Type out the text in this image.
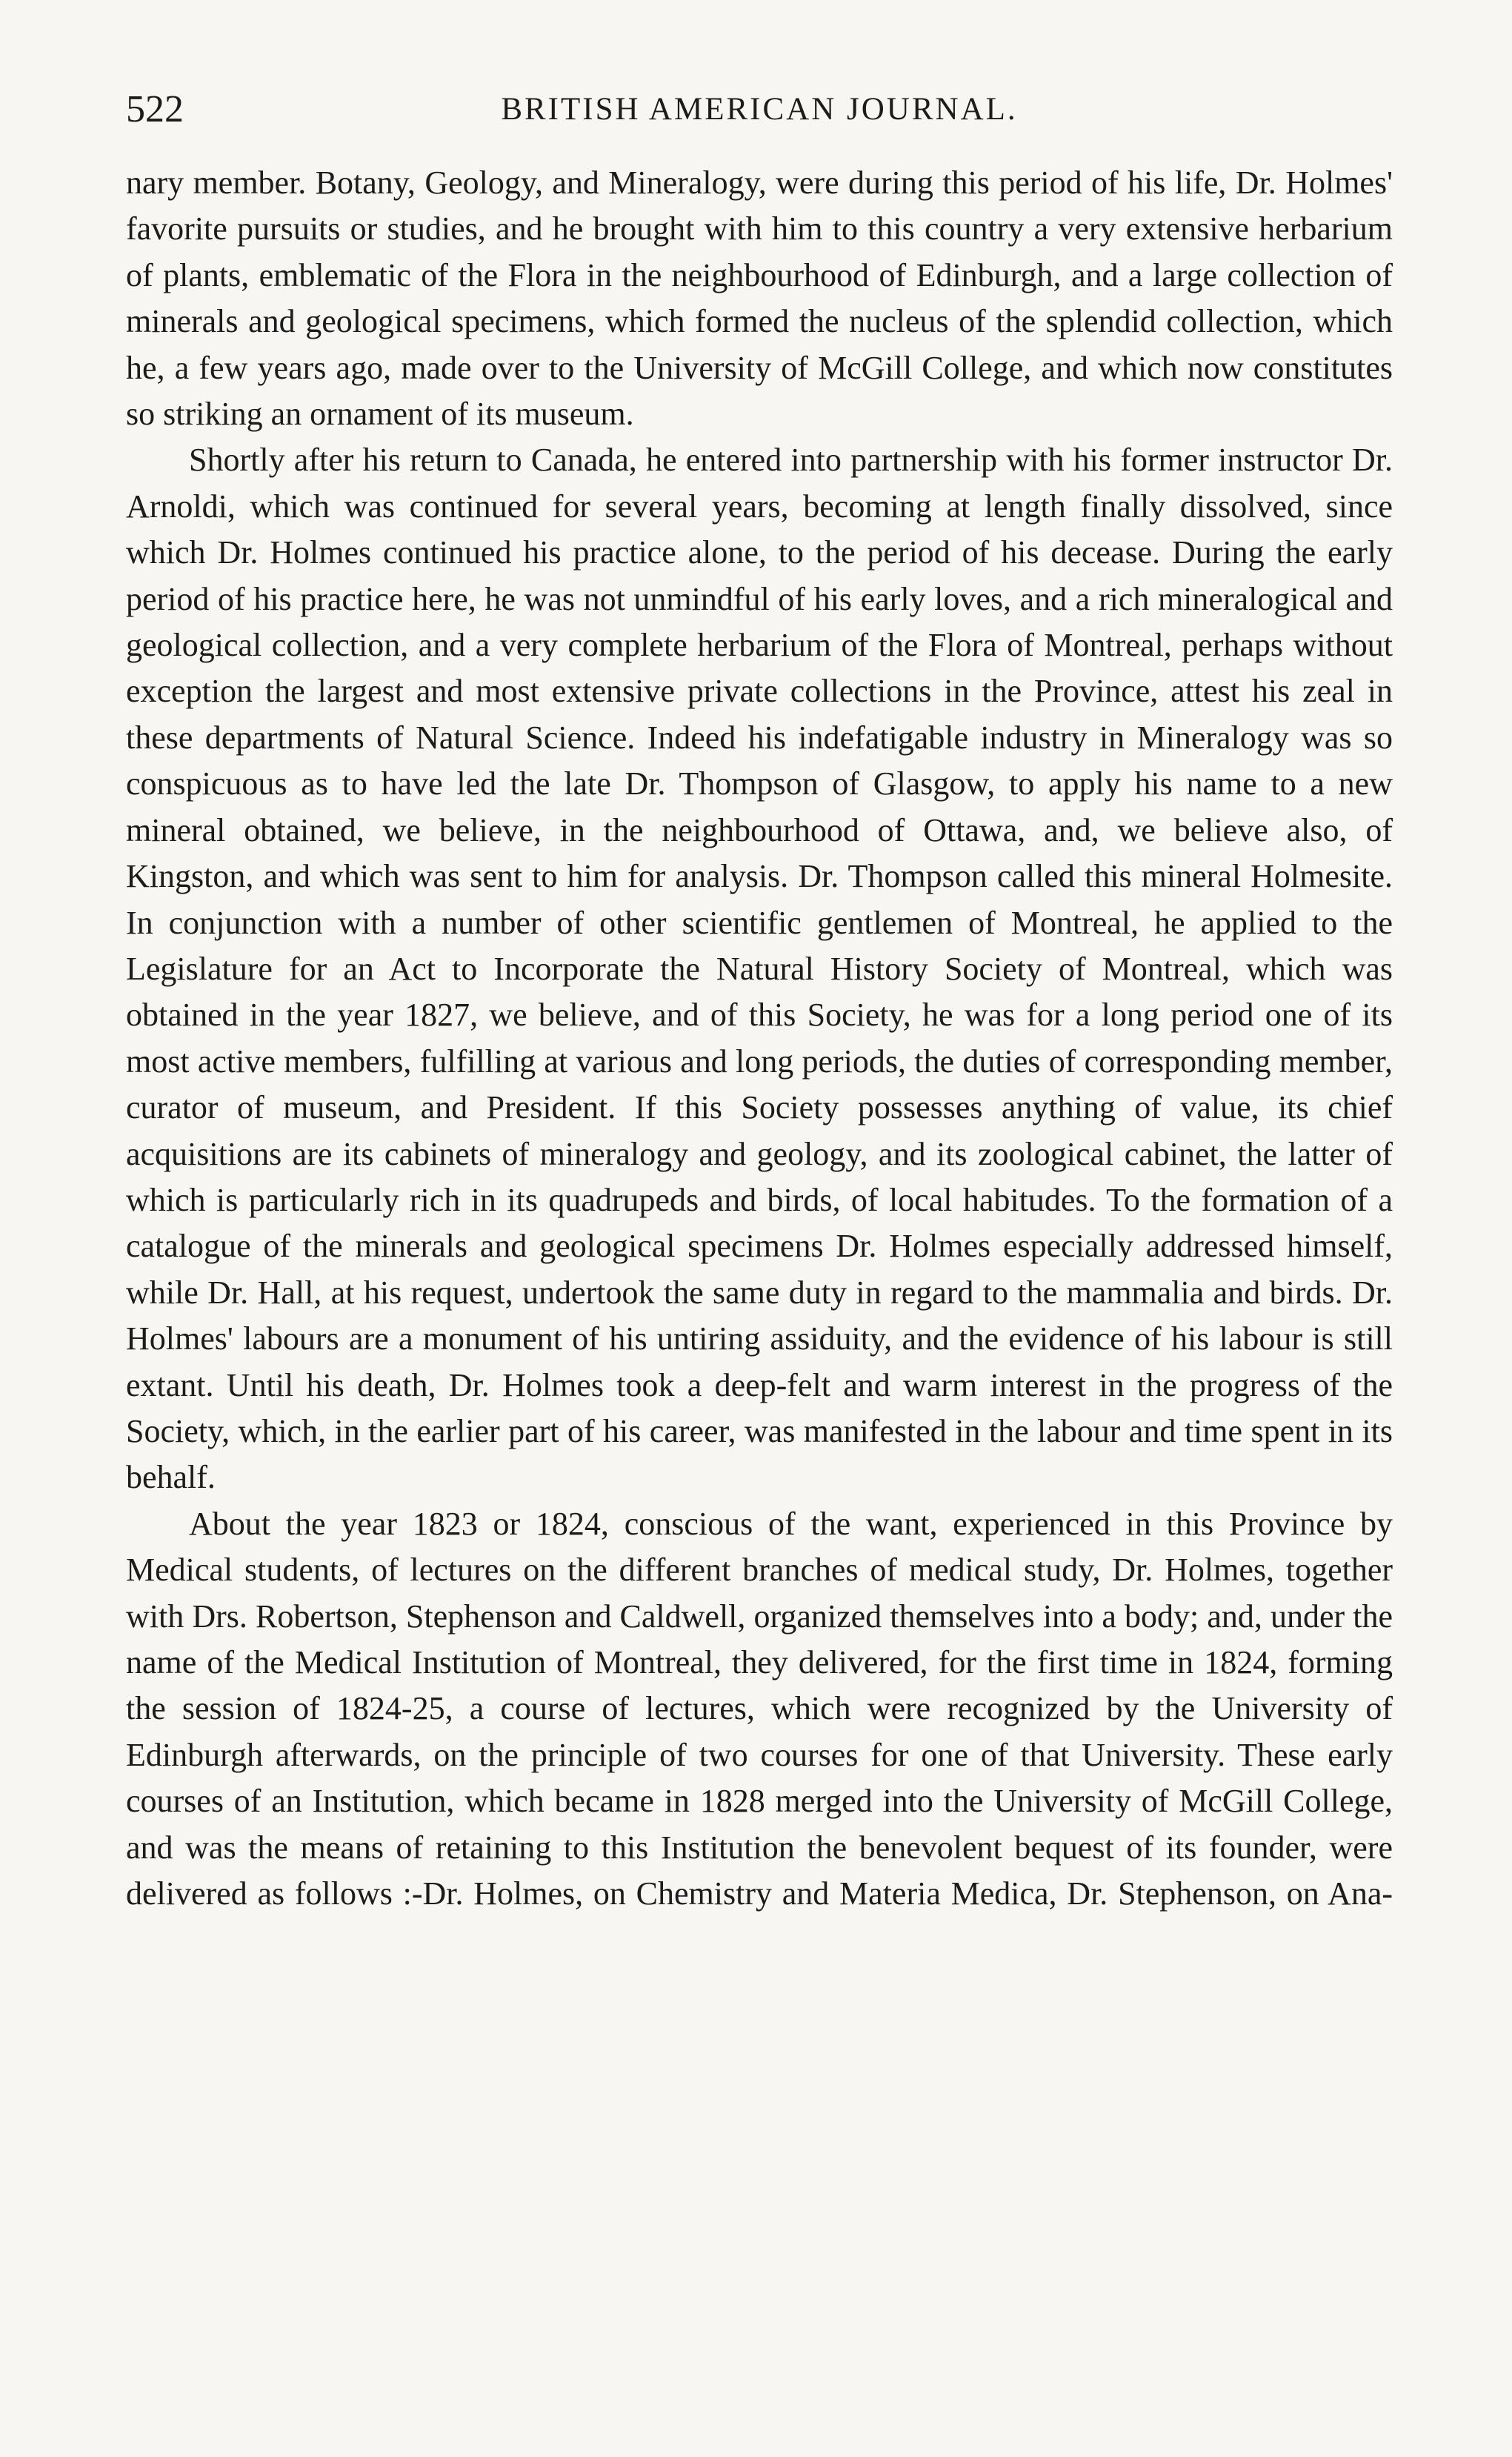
522	BRITISH AMERICAN JOURNAL.

nary member. Botany, Geology, and Mineralogy, were during this period of his life, Dr. Holmes' favorite pursuits or studies, and he brought with him to this country a very extensive herbarium of plants, emblematic of the Flora in the neighbourhood of Edinburgh, and a large collection of minerals and geological specimens, which formed the nucleus of the splendid collection, which he, a few years ago, made over to the University of McGill College, and which now constitutes so striking an ornament of its museum.

Shortly after his return to Canada, he entered into partnership with his former instructor Dr. Arnoldi, which was continued for several years, becoming at length finally dissolved, since which Dr. Holmes continued his practice alone, to the period of his decease. During the early period of his practice here, he was not unmindful of his early loves, and a rich mineralogical and geological collection, and a very complete herbarium of the Flora of Montreal, perhaps without exception the largest and most extensive private collections in the Province, attest his zeal in these departments of Natural Science. Indeed his indefatigable industry in Mineralogy was so conspicuous as to have led the late Dr. Thompson of Glasgow, to apply his name to a new mineral obtained, we believe, in the neighbourhood of Ottawa, and, we believe also, of Kingston, and which was sent to him for analysis. Dr. Thompson called this mineral Holmesite. In conjunction with a number of other scientific gentlemen of Montreal, he applied to the Legislature for an Act to Incorporate the Natural History Society of Montreal, which was obtained in the year 1827, we believe, and of this Society, he was for a long period one of its most active members, fulfilling at various and long periods, the duties of corresponding member, curator of museum, and President. If this Society possesses anything of value, its chief acquisitions are its cabinets of mineralogy and geology, and its zoological cabinet, the latter of which is particularly rich in its quadrupeds and birds, of local habitudes. To the formation of a catalogue of the minerals and geological specimens Dr. Holmes especially addressed himself, while Dr. Hall, at his request, undertook the same duty in regard to the mammalia and birds. Dr. Holmes' labours are a monument of his untiring assiduity, and the evidence of his labour is still extant. Until his death, Dr. Holmes took a deep-felt and warm interest in the progress of the Society, which, in the earlier part of his career, was manifested in the labour and time spent in its behalf.

About the year 1823 or 1824, conscious of the want, experienced in this Province by Medical students, of lectures on the different branches of medical study, Dr. Holmes, together with Drs. Robertson, Stephenson and Caldwell, organized themselves into a body; and, under the name of the Medical Institution of Montreal, they delivered, for the first time in 1824, forming the session of 1824-25, a course of lectures, which were recognized by the University of Edinburgh afterwards, on the principle of two courses for one of that University. These early courses of an Institution, which became in 1828 merged into the University of McGill College, and was the means of retaining to this Institution the benevolent bequest of its founder, were delivered as follows :-Dr. Holmes, on Chemistry and Materia Medica, Dr. Stephenson, on Ana-
